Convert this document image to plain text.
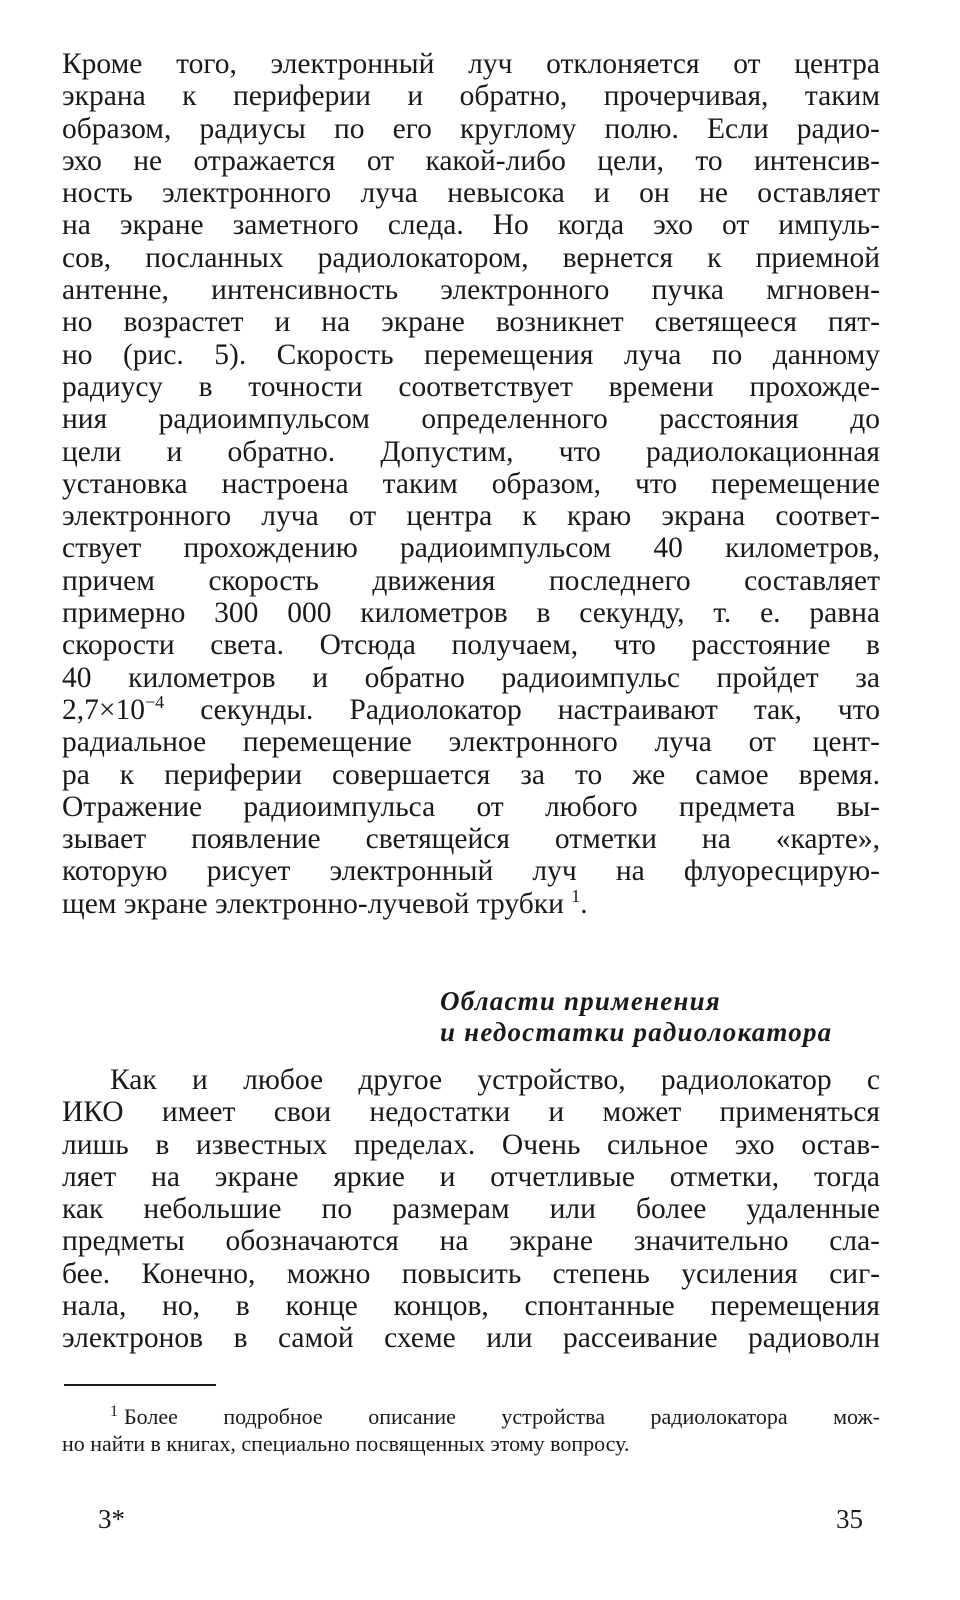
Кроме того, электронный луч отклоняется от центра
экрана к периферии и обратно, прочерчивая, таким
образом, радиусы по его круглому полю. Если радио-
эхо не отражается от какой-либо цели, то интенсив-
ность электронного луча невысока и он не оставляет
на экране заметного следа. Но когда эхо от импуль-
сов, посланных радиолокатором, вернется к приемной
антенне, интенсивность электронного пучка мгновен-
но возрастет и на экране возникнет светящееся пят-
но (рис. 5). Скорость перемещения луча по данному
радиусу в точности соответствует времени прохожде-
ния радиоимпульсом определенного расстояния до
цели и обратно. Допустим, что радиолокационная
установка настроена таким образом, что перемещение
электронного луча от центра к краю экрана соответ-
ствует прохождению радиоимпульсом 40 километров,
причем скорость движения последнего составляет
примерно 300 000 километров в секунду, т. е. равна
скорости света. Отсюда получаем, что расстояние в
40 километров и обратно радиоимпульс пройдет за
$2,7\times 10^{-4}$ секунды. Радиолокатор настраивают так, что
радиальное перемещение электронного луча от цент-
ра к периферии совершается за то же самое время.
Отражение радиоимпульса от любого предмета вы-
зывает появление светящейся отметки на «карте»,
которую рисует электронный луч на флуоресцирую-
щем экране электронно-лучевой трубки $^1$.
Области применения
и недостатки радиолокатора
Как и любое другое устройство, радиолокатор с
ИКО имеет свои недостатки и может применяться
лишь в известных пределах. Очень сильное эхо остав-
ляет на экране яркие и отчетливые отметки, тогда
как небольшие по размерам или более удаленные
предметы обозначаются на экране значительно сла-
бее. Конечно, можно повысить степень усиления сиг-
нала, но, в конце концов, спонтанные перемещения
электронов в самой схеме или рассеивание радиоволн
$^1$ Более подробное описание устройства радиолокатора мож-
но найти в книгах, специально посвященных этому вопросу.
3*	35
